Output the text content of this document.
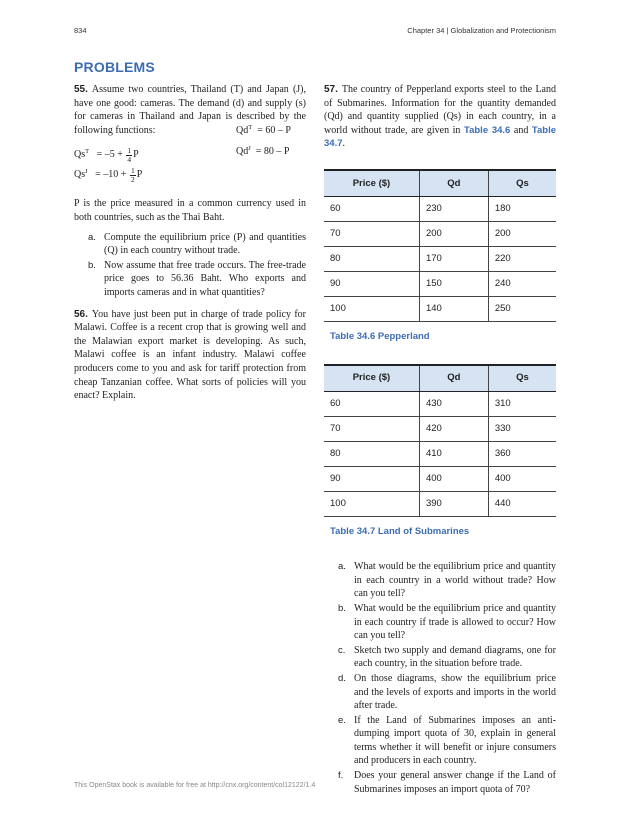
834	Chapter 34 | Globalization and Protectionism
PROBLEMS

55. Assume two countries, Thailand (T) and Japan (J), have one good: cameras. The demand (d) and supply (s) for cameras in Thailand and Japan is described by the following functions:

$Qs^T = -5 + \frac{1}{4}$ P
$Qs^J = -10 + \frac{1}{2}$ P

P is the price measured in a common currency used in both countries, such as the Thai Baht.

a. Compute the equilibrium price (P) and quantities (Q) in each country without trade.
b. Now assume that free trade occurs. The free-trade price goes to 56.36 Baht. Who exports and imports cameras and in what quantities?

56. You have just been put in charge of trade policy for Malawi. Coffee is a recent crop that is growing well and the Malawian export market is developing. As such, Malawi coffee is an infant industry. Malawi coffee producers come to you and ask for tariff protection from cheap Tanzanian coffee. What sorts of policies will you enact? Explain.

$Qd^T = 60 - P$
$Qd^J = 80 - P$

57. The country of Pepperland exports steel to the Land of Submarines. Information for the quantity demanded (Qd) and quantity supplied (Qs) in each country, in a world without trade, are given in Table 34.6 and Table 34.7.

Price ($)	Qd	Qs
60	230	180
70	200	200
80	170	220
90	150	240
100	140	250
Table 34.6 Pepperland
Price ($)	Qd	Qs
60	430	310
70	420	330
80	410	360
90	400	400
100	390	440
Table 34.7 Land of Submarines
a. What would be the equilibrium price and quantity in each country in a world without trade? How can you tell?
b. What would be the equilibrium price and quantity in each country if trade is allowed to occur? How can you tell?
c. Sketch two supply and demand diagrams, one for each country, in the situation before trade.
d. On those diagrams, show the equilibrium price and the levels of exports and imports in the world after trade.
e. If the Land of Submarines imposes an anti-dumping import quota of 30, explain in general terms whether it will benefit or injure consumers and producers in each country.
f. Does your general answer change if the Land of Submarines imposes an import quota of 70?
This OpenStax book is available for free at http://cnx.org/content/col12122/1.4
